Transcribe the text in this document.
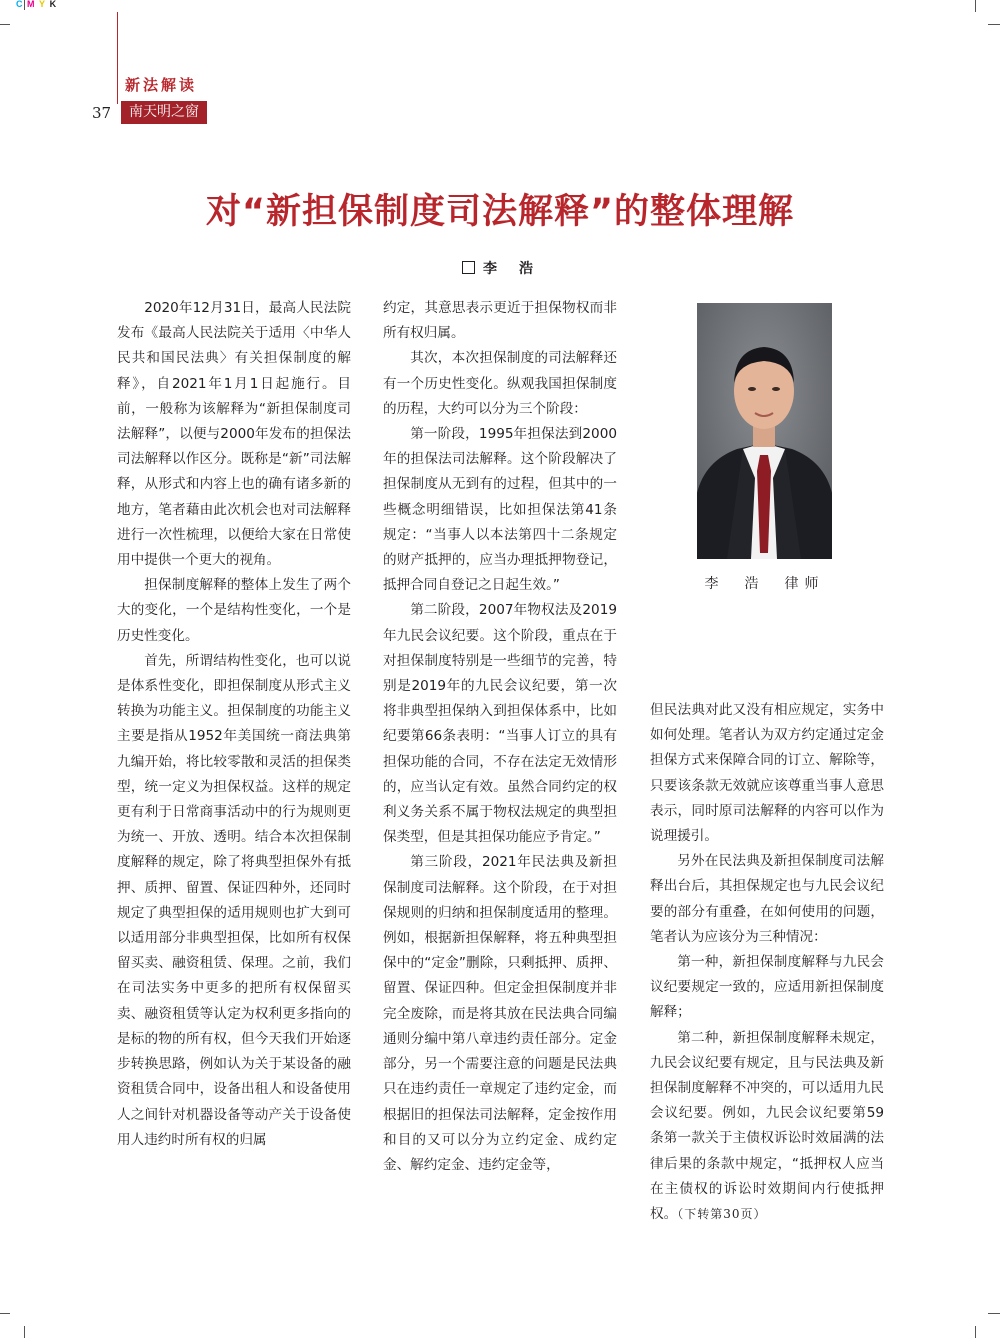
C M Y K
新法解读
37	南天明之窗
对“新担保制度司法解释”的整体理解
李　浩

2020年12月31日，最高人民法院发布《最高人民法院关于适用〈中华人民共和国民法典〉有关担保制度的解释》，自2021年1月1日起施行。目前，一般称为该解释为“新担保制度司法解释”，以便与2000年发布的担保法司法解释以作区分。既称是“新”司法解释，从形式和内容上也的确有诸多新的地方，笔者藉由此次机会也对司法解释进行一次性梳理，以便给大家在日常使用中提供一个更大的视角。

担保制度解释的整体上发生了两个大的变化，一个是结构性变化，一个是历史性变化。

首先，所谓结构性变化，也可以说是体系性变化，即担保制度从形式主义转换为功能主义。担保制度的功能主义主要是指从1952年美国统一商法典第九编开始，将比较零散和灵活的担保类型，统一定义为担保权益。这样的规定更有利于日常商事活动中的行为规则更为统一、开放、透明。结合本次担保制度解释的规定，除了将典型担保外有抵押、质押、留置、保证四种外，还同时规定了典型担保的适用规则也扩大到可以适用部分非典型担保，比如所有权保留买卖、融资租赁、保理。之前，我们在司法实务中更多的把所有权保留买卖、融资租赁等认定为权利更多指向的是标的物的所有权，但今天我们开始逐步转换思路，例如认为关于某设备的融资租赁合同中，设备出租人和设备使用人之间针对机器设备等动产关于设备使用人违约时所有权的归属

约定，其意思表示更近于担保物权而非所有权归属。

其次，本次担保制度的司法解释还有一个历史性变化。纵观我国担保制度的历程，大约可以分为三个阶段：

第一阶段，1995年担保法到2000年的担保法司法解释。这个阶段解决了担保制度从无到有的过程，但其中的一些概念明细错误，比如担保法第41条规定：“当事人以本法第四十二条规定的财产抵押的，应当办理抵押物登记，抵押合同自登记之日起生效。”

第二阶段，2007年物权法及2019年九民会议纪要。这个阶段，重点在于对担保制度特别是一些细节的完善，特别是2019年的九民会议纪要，第一次将非典型担保纳入到担保体系中，比如纪要第66条表明：“当事人订立的具有担保功能的合同，不存在法定无效情形的，应当认定有效。虽然合同约定的权利义务关系不属于物权法规定的典型担保类型，但是其担保功能应予肯定。”

第三阶段，2021年民法典及新担保制度司法解释。这个阶段，在于对担保规则的归纳和担保制度适用的整理。例如，根据新担保解释，将五种典型担保中的“定金”删除，只剩抵押、质押、留置、保证四种。但定金担保制度并非完全废除，而是将其放在民法典合同编通则分编中第八章违约责任部分。定金部分，另一个需要注意的问题是民法典只在违约责任一章规定了违约定金，而根据旧的担保法司法解释，定金按作用和目的又可以分为立约定金、成约定金、解约定金、违约定金等，

李　浩　律师

但民法典对此又没有相应规定，实务中如何处理。笔者认为双方约定通过定金担保方式来保障合同的订立、解除等，只要该条款无效就应该尊重当事人意思表示，同时原司法解释的内容可以作为说理援引。

另外在民法典及新担保制度司法解释出台后，其担保规定也与九民会议纪要的部分有重叠，在如何使用的问题，笔者认为应该分为三种情况：

第一种，新担保制度解释与九民会议纪要规定一致的，应适用新担保制度解释；

第二种，新担保制度解释未规定，九民会议纪要有规定，且与民法典及新担保制度解释不冲突的，可以适用九民会议纪要。例如，九民会议纪要第59条第一款关于主债权诉讼时效届满的法律后果的条款中规定，“抵押权人应当在主债权的诉讼时效期间内行使抵押权。（下转第30页）
